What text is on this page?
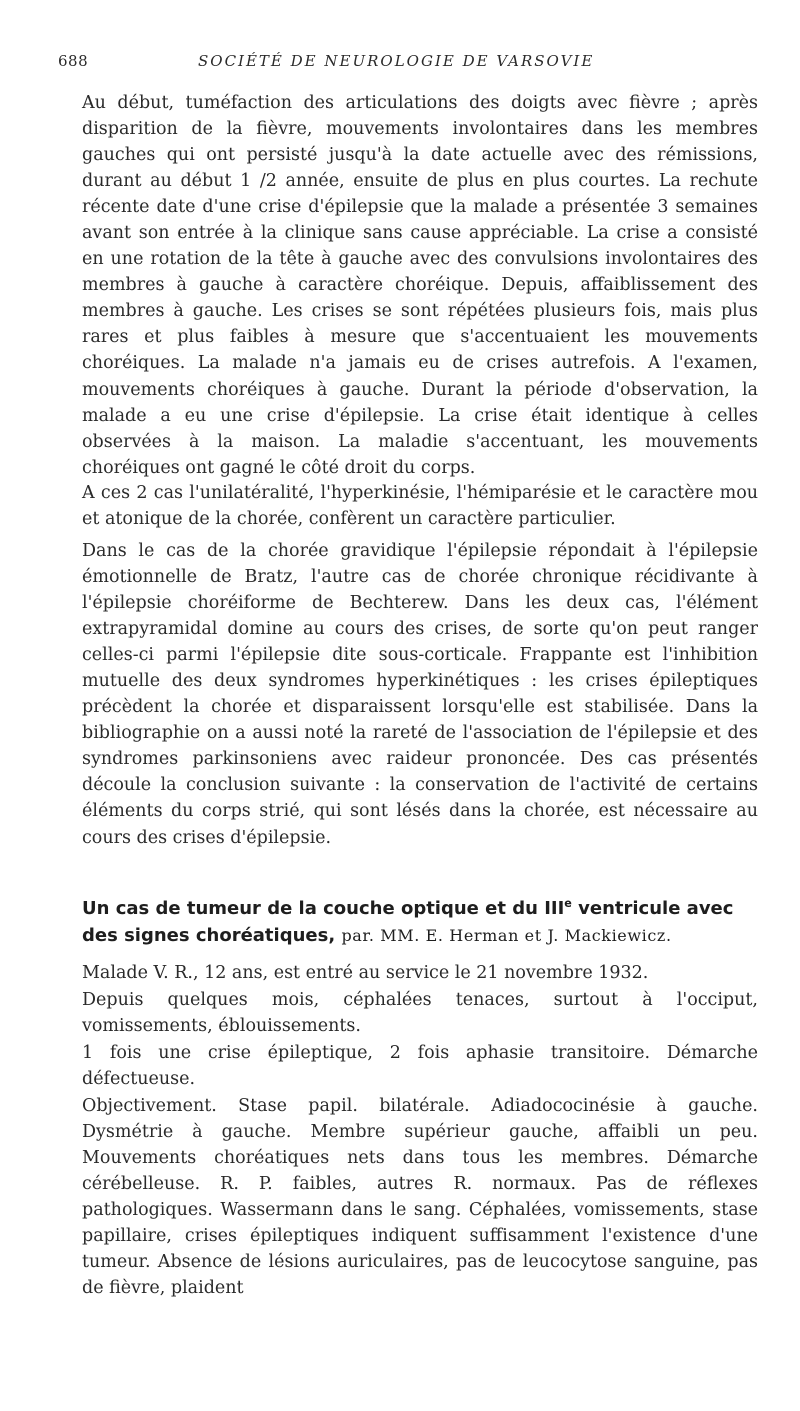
688	SOCIÉTÉ DE NEUROLOGIE DE VARSOVIE

Au début, tuméfaction des articulations des doigts avec fièvre ; après disparition de la fièvre, mouvements involontaires dans les membres gauches qui ont persisté jusqu'à la date actuelle avec des rémissions, durant au début 1 /2 année, ensuite de plus en plus courtes. La rechute récente date d'une crise d'épilepsie que la malade a présentée 3 semaines avant son entrée à la clinique sans cause appréciable. La crise a consisté en une rotation de la tête à gauche avec des convulsions involontaires des membres à gauche à caractère choréique. Depuis, affaiblissement des membres à gauche. Les crises se sont répétées plusieurs fois, mais plus rares et plus faibles à mesure que s'accentuaient les mouvements choréiques. La malade n'a jamais eu de crises autrefois. A l'examen, mouvements choréiques à gauche. Durant la période d'observation, la malade a eu une crise d'épilepsie. La crise était identique à celles observées à la maison. La maladie s'accentuant, les mouvements choréiques ont gagné le côté droit du corps.

A ces 2 cas l'unilatéralité, l'hyperkinésie, l'hémiparésie et le caractère mou et atonique de la chorée, confèrent un caractère particulier.

Dans le cas de la chorée gravidique l'épilepsie répondait à l'épilepsie émotionnelle de Bratz, l'autre cas de chorée chronique récidivante à l'épilepsie choréiforme de Bechterew. Dans les deux cas, l'élément extrapyramidal domine au cours des crises, de sorte qu'on peut ranger celles-ci parmi l'épilepsie dite sous-corticale. Frappante est l'inhibition mutuelle des deux syndromes hyperkinétiques : les crises épileptiques précèdent la chorée et disparaissent lorsqu'elle est stabilisée. Dans la bibliographie on a aussi noté la rareté de l'association de l'épilepsie et des syndromes parkinsoniens avec raideur prononcée. Des cas présentés découle la conclusion suivante : la conservation de l'activité de certains éléments du corps strié, qui sont lésés dans la chorée, est nécessaire au cours des crises d'épilepsie.

Un cas de tumeur de la couche optique et du IIIe ventricule avec des signes choréatiques, par. MM. E. Herman et J. Mackiewicz.

Malade V. R., 12 ans, est entré au service le 21 novembre 1932.

Depuis quelques mois, céphalées tenaces, surtout à l'occiput, vomissements, éblouissements.

1 fois une crise épileptique, 2 fois aphasie transitoire. Démarche défectueuse.

Objectivement. Stase papil. bilatérale. Adiadococinésie à gauche. Dysmétrie à gauche. Membre supérieur gauche, affaibli un peu. Mouvements choréatiques nets dans tous les membres. Démarche cérébelleuse. R. P. faibles, autres R. normaux. Pas de réflexes pathologiques. Wassermann dans le sang. Céphalées, vomissements, stase papillaire, crises épileptiques indiquent suffisamment l'existence d'une tumeur. Absence de lésions auriculaires, pas de leucocytose sanguine, pas de fièvre, plaident
